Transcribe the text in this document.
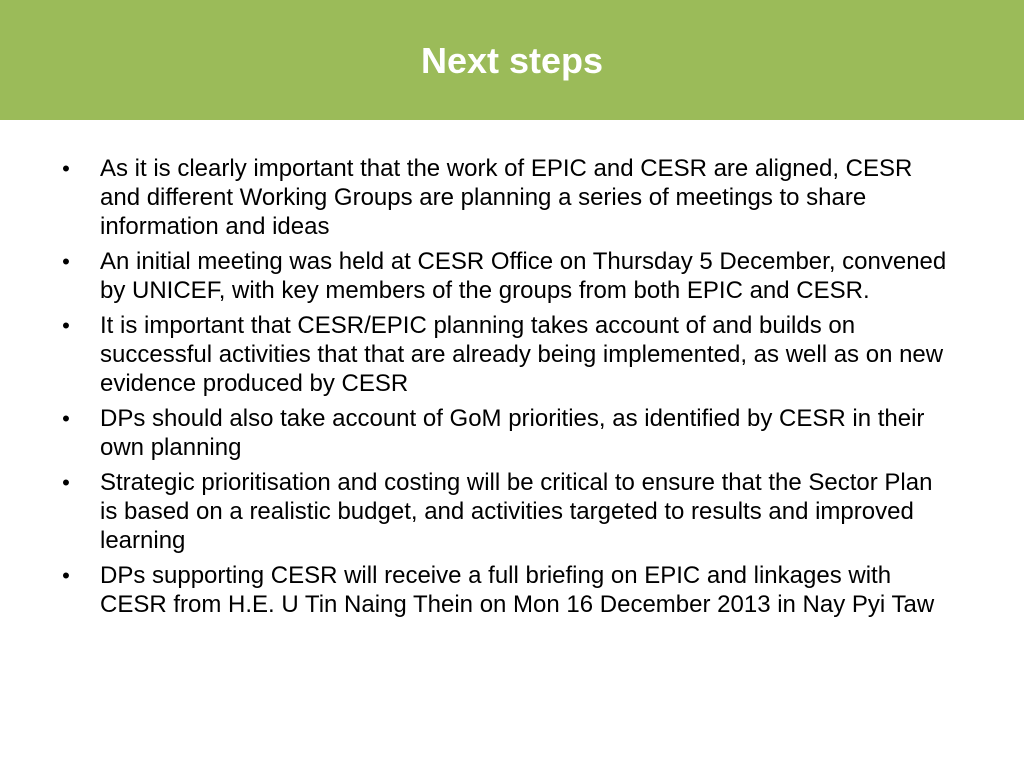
Next steps
• As it is clearly important that the work of EPIC and CESR are aligned, CESR and different Working Groups are planning a series of meetings to share information and ideas
• An initial meeting was held at CESR Office on Thursday 5 December, convened by UNICEF, with key members of the groups from both EPIC and CESR.
• It is important that CESR/EPIC planning takes account of and builds on successful activities that that are already being implemented, as well as on new evidence produced by CESR
• DPs should also take account of GoM priorities, as identified by CESR in their own planning
• Strategic prioritisation and costing will be critical to ensure that the Sector Plan is based on a realistic budget, and activities targeted to results and improved learning
• DPs supporting CESR will receive a full briefing on EPIC and linkages with CESR from H.E. U Tin Naing Thein on Mon 16 December 2013 in Nay Pyi Taw
